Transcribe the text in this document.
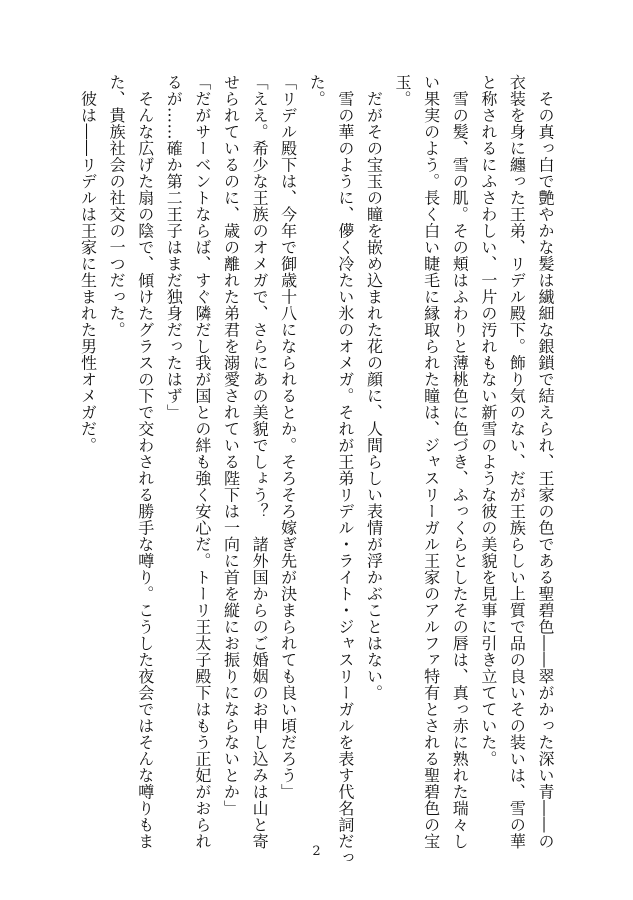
　その真っ白で艶やかな髪は繊細な銀鎖で結えられ、王家の色である聖碧色――翠がかった深い青――の
衣装を身に纏った王弟、リデル殿下。飾り気のない、だが王族らしい上質で品の良いその装いは、雪の華
と称されるにふさわしい、一片の汚れもない新雪のような彼の美貌を見事に引き立てていた。
　雪の髪、雪の肌。その頬はふわりと薄桃色に色づき、ふっくらとしたその唇は、真っ赤に熟れた瑞々し
い果実のよう。長く白い睫毛に縁取られた瞳は、ジャスリーガル王家のアルファ特有とされる聖碧色の宝
玉。
　だがその宝玉の瞳を嵌め込まれた花の顔に、人間らしい表情が浮かぶことはない。
　雪の華のように、儚く冷たい氷のオメガ。それが王弟リデル・ライト・ジャスリーガルを表す代名詞だっ
た。
「リデル殿下は、今年で御歳十八になられるとか。そろそろ嫁ぎ先が決まられても良い頃だろう」
「ええ。希少な王族のオメガで、さらにあの美貌でしょう？　諸外国からのご婚姻のお申し込みは山と寄
せられているのに、歳の離れた弟君を溺愛されている陛下は一向に首を縦にお振りにならないとか」
「だがサーベントならば、すぐ隣だし我が国との絆も強く安心だ。トーリ王太子殿下はもう正妃がおられ
るが……確か第二王子はまだ独身だったはず」
　そんな広げた扇の陰で、傾けたグラスの下で交わされる勝手な噂り。こうした夜会ではそんな噂りもま
た、貴族社会の社交の一つだった。
　彼は――リデルは王家に生まれた男性オメガだ。
2
